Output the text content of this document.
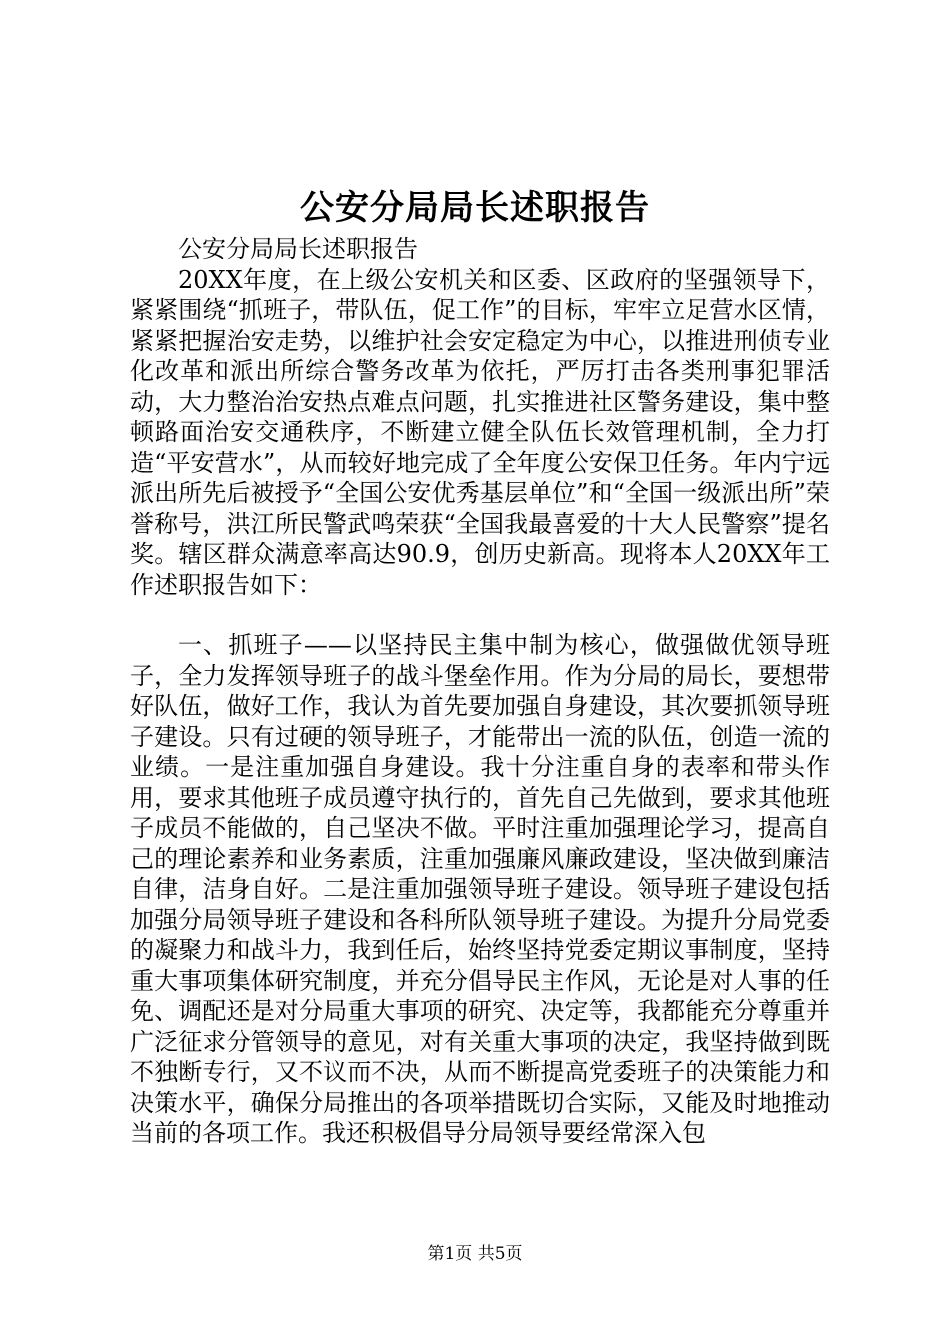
公安分局局长述职报告

公安分局局长述职报告

20XX年度，在上级公安机关和区委、区政府的坚强领导下，紧紧围绕“抓班子，带队伍，促工作”的目标，牢牢立足营水区情，紧紧把握治安走势，以维护社会安定稳定为中心，以推进刑侦专业化改革和派出所综合警务改革为依托，严厉打击各类刑事犯罪活动，大力整治治安热点难点问题，扎实推进社区警务建设，集中整顿路面治安交通秩序，不断建立健全队伍长效管理机制，全力打造“平安营水”，从而较好地完成了全年度公安保卫任务。年内宁远派出所先后被授予“全国公安优秀基层单位”和“全国一级派出所”荣誉称号，洪江所民警武鸣荣获“全国我最喜爱的十大人民警察”提名奖。辖区群众满意率高达90.9，创历史新高。现将本人20XX年工作述职报告如下：

一、抓班子——以坚持民主集中制为核心，做强做优领导班子，全力发挥领导班子的战斗堡垒作用。作为分局的局长，要想带好队伍，做好工作，我认为首先要加强自身建设，其次要抓领导班子建设。只有过硬的领导班子，才能带出一流的队伍，创造一流的业绩。一是注重加强自身建设。我十分注重自身的表率和带头作用，要求其他班子成员遵守执行的，首先自己先做到，要求其他班子成员不能做的，自己坚决不做。平时注重加强理论学习，提高自己的理论素养和业务素质，注重加强廉风廉政建设，坚决做到廉洁自律，洁身自好。二是注重加强领导班子建设。领导班子建设包括加强分局领导班子建设和各科所队领导班子建设。为提升分局党委的凝聚力和战斗力，我到任后，始终坚持党委定期议事制度，坚持重大事项集体研究制度，并充分倡导民主作风，无论是对人事的任免、调配还是对分局重大事项的研究、决定等，我都能充分尊重并广泛征求分管领导的意见，对有关重大事项的决定，我坚持做到既不独断专行，又不议而不决，从而不断提高党委班子的决策能力和决策水平，确保分局推出的各项举措既切合实际，又能及时地推动当前的各项工作。我还积极倡导分局领导要经常深入包

第1页 共5页
